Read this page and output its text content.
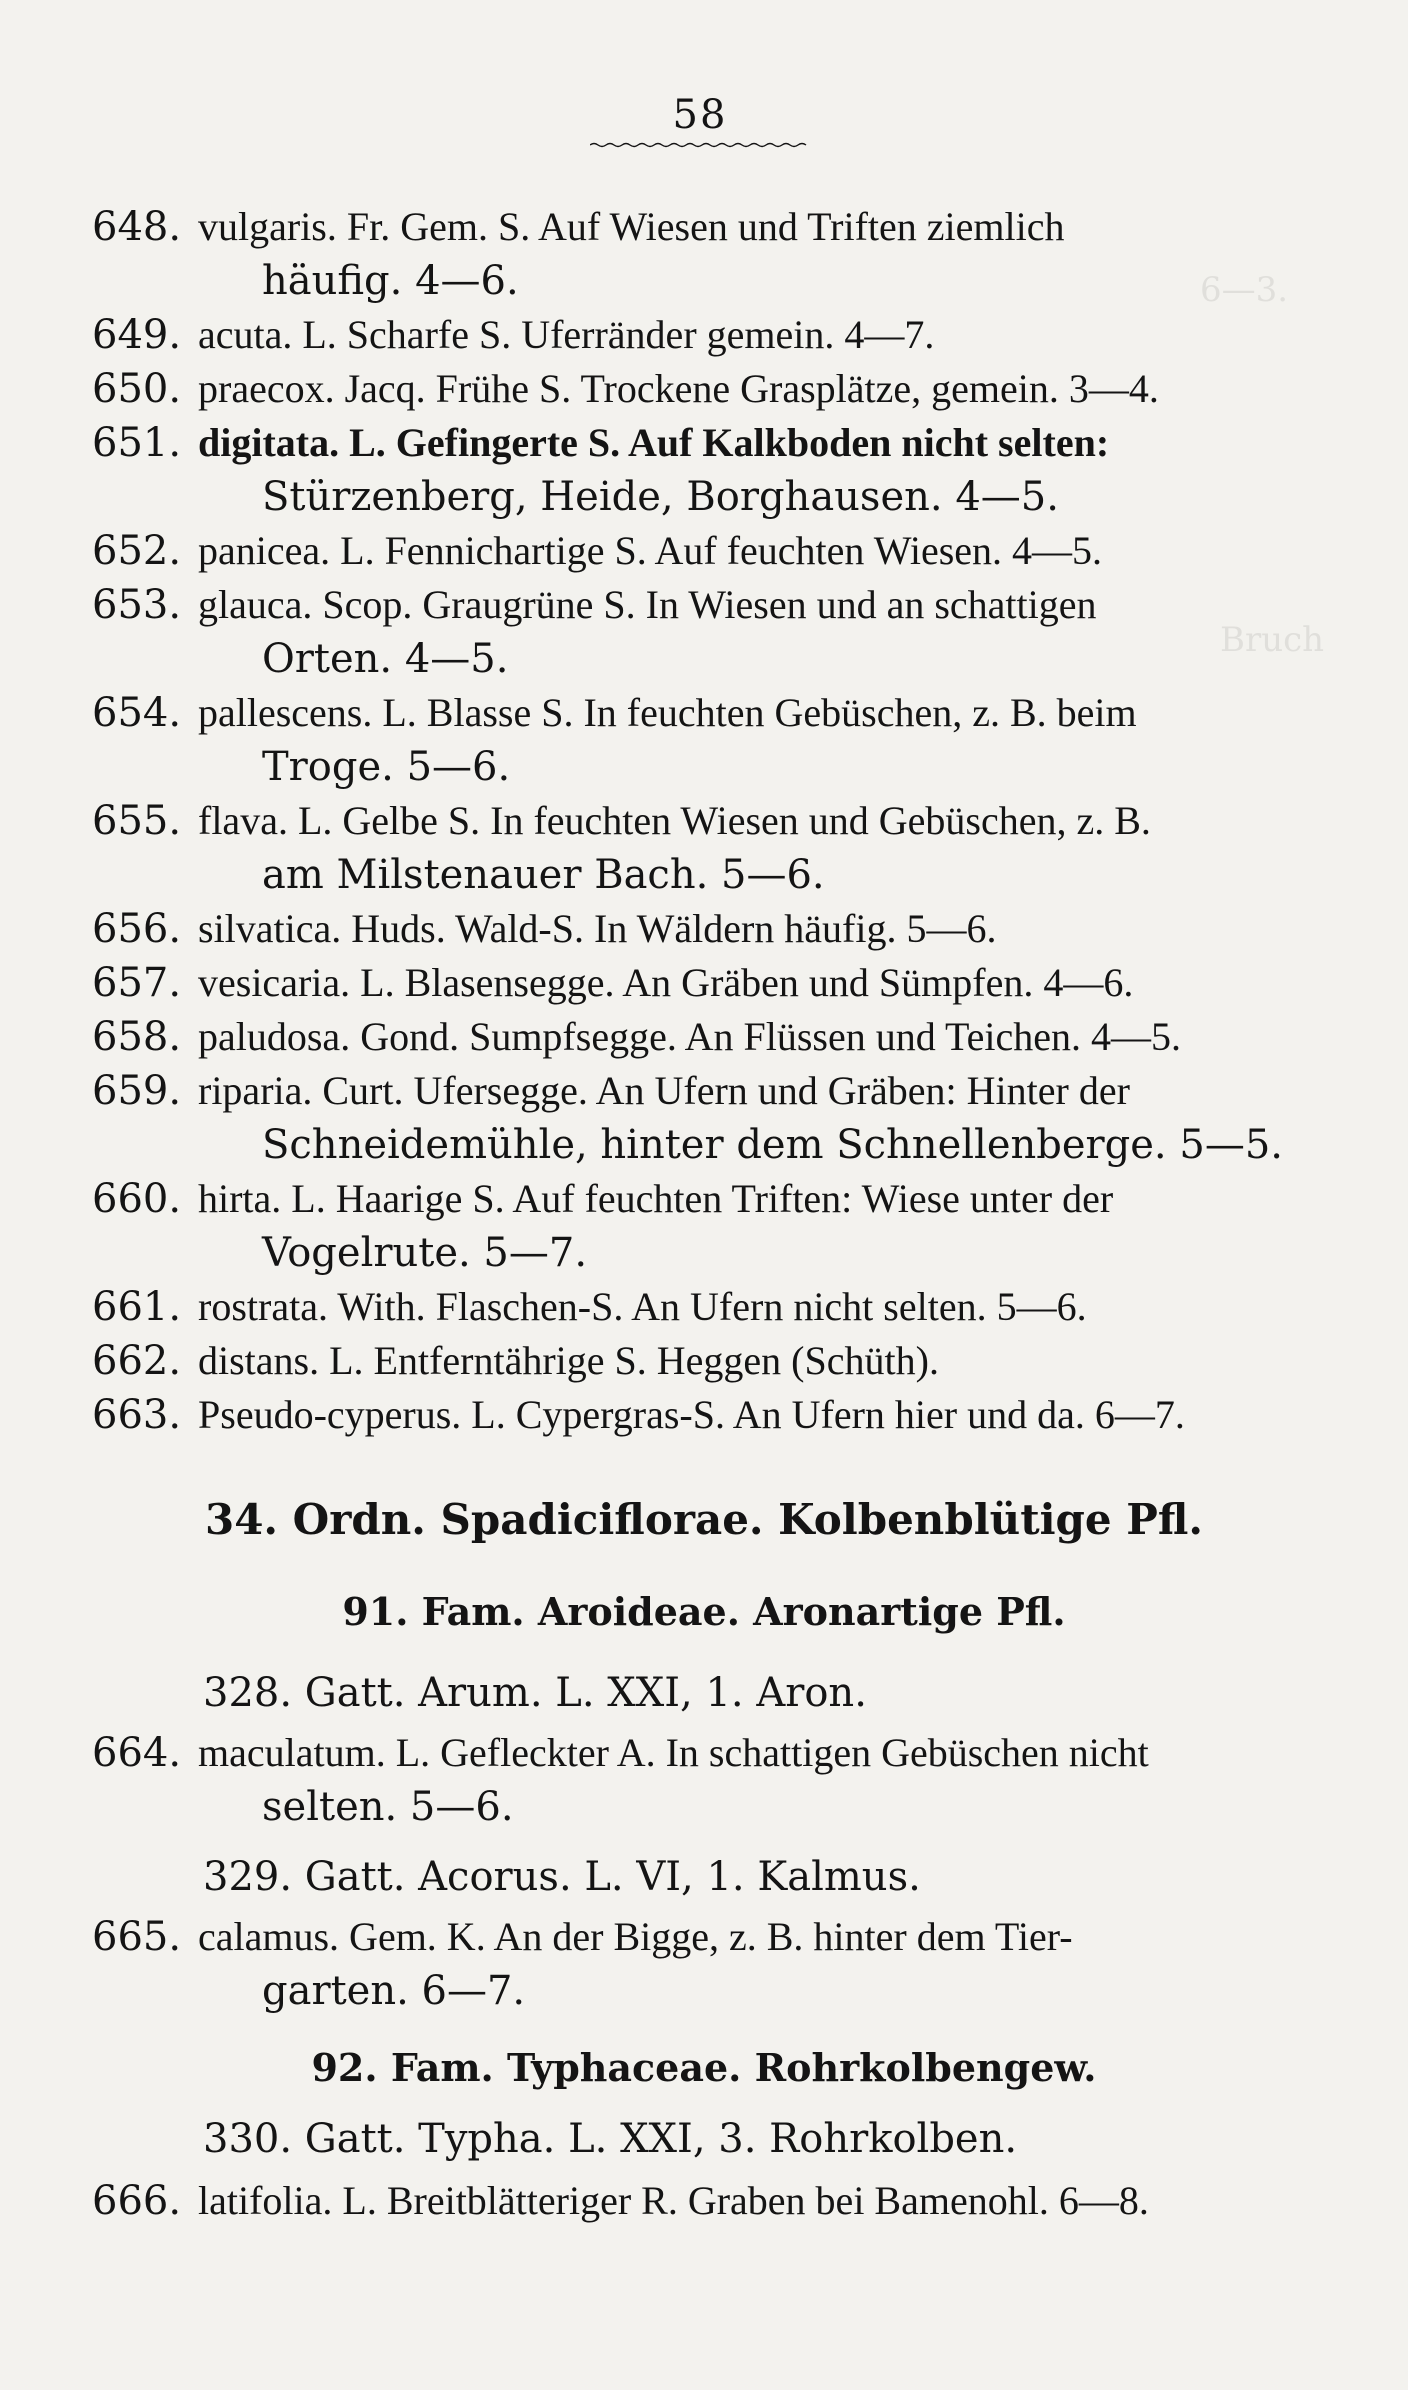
58
6—3.
Bruch
648. vulgaris. Fr. Gem. S. Auf Wiesen und Triften ziemlich
häufig. 4—6.
649. acuta. L. Scharfe S. Uferränder gemein. 4—7.
650. praecox. Jacq. Frühe S. Trockene Grasplätze, gemein. 3—4.
651. digitata. L. Gefingerte S. Auf Kalkboden nicht selten:
Stürzenberg, Heide, Borghausen. 4—5.
652. panicea. L. Fennichartige S. Auf feuchten Wiesen. 4—5.
653. glauca. Scop. Graugrüne S. In Wiesen und an schattigen
Orten. 4—5.
654. pallescens. L. Blasse S. In feuchten Gebüschen, z. B. beim
Troge. 5—6.
655. flava. L. Gelbe S. In feuchten Wiesen und Gebüschen, z. B.
am Milstenauer Bach. 5—6.
656. silvatica. Huds. Wald-S. In Wäldern häufig. 5—6.
657. vesicaria. L. Blasensegge. An Gräben und Sümpfen. 4—6.
658. paludosa. Gond. Sumpfsegge. An Flüssen und Teichen. 4—5.
659. riparia. Curt. Ufersegge. An Ufern und Gräben: Hinter der
Schneidemühle, hinter dem Schnellenberge. 5—5.
660. hirta. L. Haarige S. Auf feuchten Triften: Wiese unter der
Vogelrute. 5—7.
661. rostrata. With. Flaschen-S. An Ufern nicht selten. 5—6.
662. distans. L. Entferntährige S. Heggen (Schüth).
663. Pseudo-cyperus. L. Cypergras-S. An Ufern hier und da. 6—7.
34. Ordn. Spadiciflorae. Kolbenblütige Pfl.
91. Fam. Aroideae. Aronartige Pfl.
328. Gatt. Arum. L. XXI, 1. Aron.
664. maculatum. L. Gefleckter A. In schattigen Gebüschen nicht
selten. 5—6.
329. Gatt. Acorus. L. VI, 1. Kalmus.
665. calamus. Gem. K. An der Bigge, z. B. hinter dem Tier-
garten. 6—7.
92. Fam. Typhaceae. Rohrkolbengew.
330. Gatt. Typha. L. XXI, 3. Rohrkolben.
666. latifolia. L. Breitblätteriger R. Graben bei Bamenohl. 6—8.
